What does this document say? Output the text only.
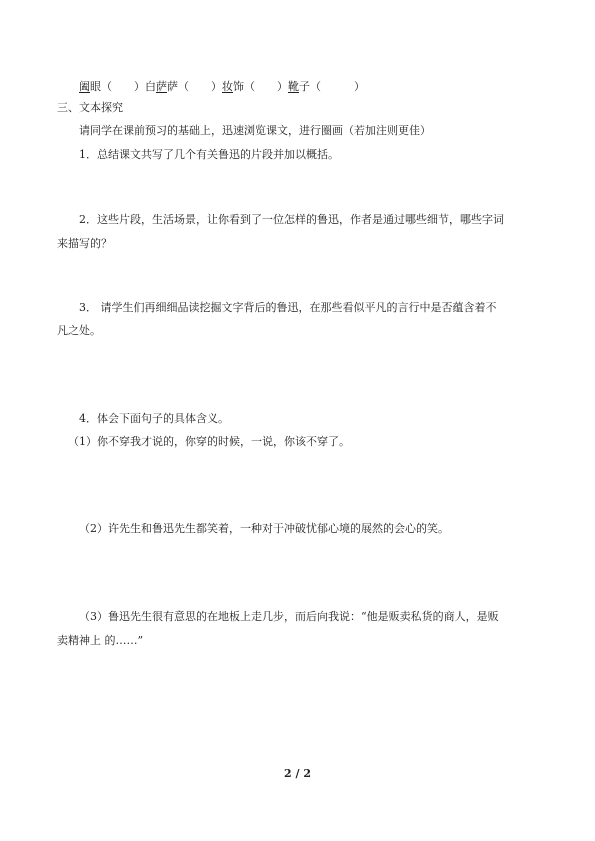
阖眼（　　）白萨萨（　　）妆饰（　　）靴子（　　　）
三、文本探究
请同学在课前预习的基础上，迅速浏览课文，进行圈画（若加注则更佳）
1．总结课文共写了几个有关鲁迅的片段并加以概括。
2．这些片段，生活场景，让你看到了一位怎样的鲁迅，作者是通过哪些细节，哪些字词
来描写的？
3． 请学生们再细细品读挖掘文字背后的鲁迅，在那些看似平凡的言行中是否蕴含着不
凡之处。
4．体会下面句子的具体含义。
（1）你不穿我才说的，你穿的时候，一说，你该不穿了。
（2）许先生和鲁迅先生都笑着，一种对于冲破忧郁心境的展然的会心的笑。
（3）鲁迅先生很有意思的在地板上走几步，而后向我说：“他是贩卖私货的商人，是贩
卖精神上 的……”
2 / 2
